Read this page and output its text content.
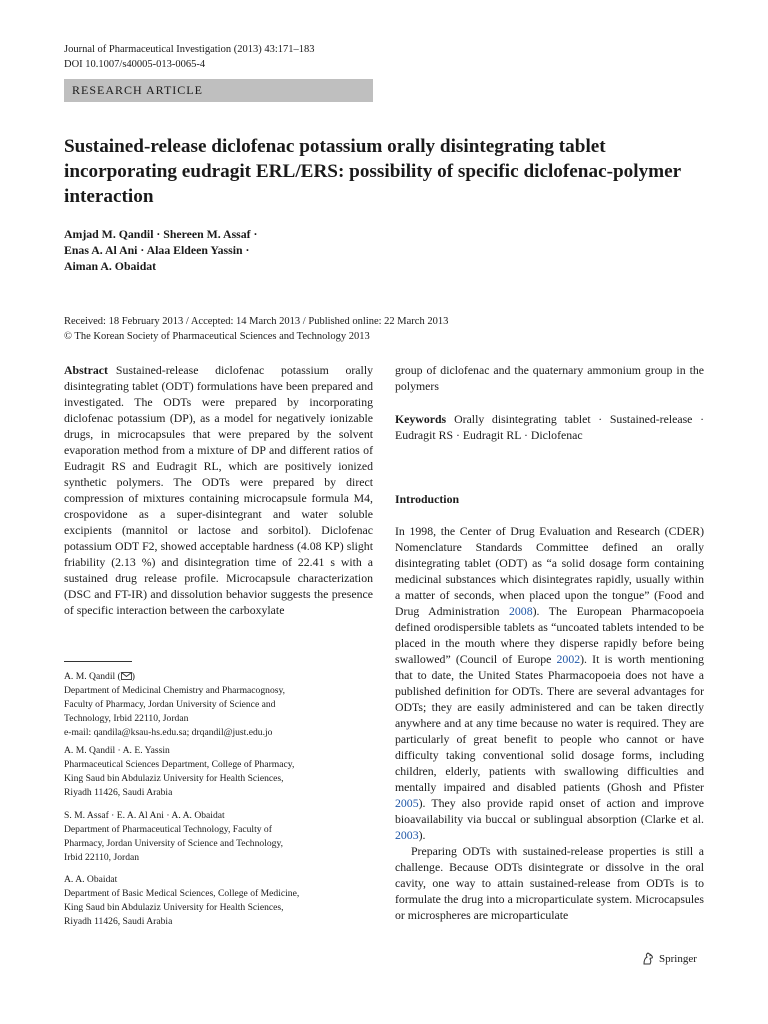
Journal of Pharmaceutical Investigation (2013) 43:171–183
DOI 10.1007/s40005-013-0065-4
RESEARCH ARTICLE
Sustained-release diclofenac potassium orally disintegrating tablet incorporating eudragit ERL/ERS: possibility of specific diclofenac-polymer interaction
Amjad M. Qandil · Shereen M. Assaf ·
Enas A. Al Ani · Alaa Eldeen Yassin ·
Aiman A. Obaidat
Received: 18 February 2013 / Accepted: 14 March 2013 / Published online: 22 March 2013
© The Korean Society of Pharmaceutical Sciences and Technology 2013
Abstract Sustained-release diclofenac potassium orally disintegrating tablet (ODT) formulations have been prepared and investigated. The ODTs were prepared by incorporating diclofenac potassium (DP), as a model for negatively ionizable drugs, in microcapsules that were prepared by the solvent evaporation method from a mixture of DP and different ratios of Eudragit RS and Eudragit RL, which are positively ionized synthetic polymers. The ODTs were prepared by direct compression of mixtures containing microcapsule formula M4, crospovidone as a super-disintegrant and water soluble excipients (mannitol or lactose and sorbitol). Diclofenac potassium ODT F2, showed acceptable hardness (4.08 KP) slight friability (2.13 %) and disintegration time of 22.41 s with a sustained drug release profile. Microcapsule characterization (DSC and FT-IR) and dissolution behavior suggests the presence of specific interaction between the carboxylate
group of diclofenac and the quaternary ammonium group in the polymers
Keywords Orally disintegrating tablet · Sustained-release · Eudragit RS · Eudragit RL · Diclofenac
Introduction

In 1998, the Center of Drug Evaluation and Research (CDER) Nomenclature Standards Committee defined an orally disintegrating tablet (ODT) as “a solid dosage form containing medicinal substances which disintegrates rapidly, usually within a matter of seconds, when placed upon the tongue” (Food and Drug Administration 2008). The European Pharmacopoeia defined orodispersible tablets as “uncoated tablets intended to be placed in the mouth where they disperse rapidly before being swallowed” (Council of Europe 2002). It is worth mentioning that to date, the United States Pharmacopoeia does not have a published definition for ODTs. There are several advantages for ODTs; they are easily administered and can be taken directly anywhere and at any time because no water is required. They are particularly of great benefit to people who cannot or have difficulty taking conventional solid dosage forms, including children, elderly, patients with swallowing difficulties and mentally impaired and disabled patients (Ghosh and Pfister 2005). They also provide rapid onset of action and improve bioavailability via buccal or sublingual absorption (Clarke et al. 2003).

Preparing ODTs with sustained-release properties is still a challenge. Because ODTs disintegrate or dissolve in the oral cavity, one way to attain sustained-release from ODTs is to formulate the drug into a microparticulate system. Microcapsules or microspheres are microparticulate

A. M. Qandil ( )
Department of Medicinal Chemistry and Pharmacognosy,
Faculty of Pharmacy, Jordan University of Science and
Technology, Irbid 22110, Jordan
e-mail: qandila@ksau-hs.edu.sa; drqandil@just.edu.jo
A. M. Qandil · A. E. Yassin
Pharmaceutical Sciences Department, College of Pharmacy,
King Saud bin Abdulaziz University for Health Sciences,
Riyadh 11426, Saudi Arabia
S. M. Assaf · E. A. Al Ani · A. A. Obaidat
Department of Pharmaceutical Technology, Faculty of
Pharmacy, Jordan University of Science and Technology,
Irbid 22110, Jordan
A. A. Obaidat
Department of Basic Medical Sciences, College of Medicine,
King Saud bin Abdulaziz University for Health Sciences,
Riyadh 11426, Saudi Arabia
Springer
